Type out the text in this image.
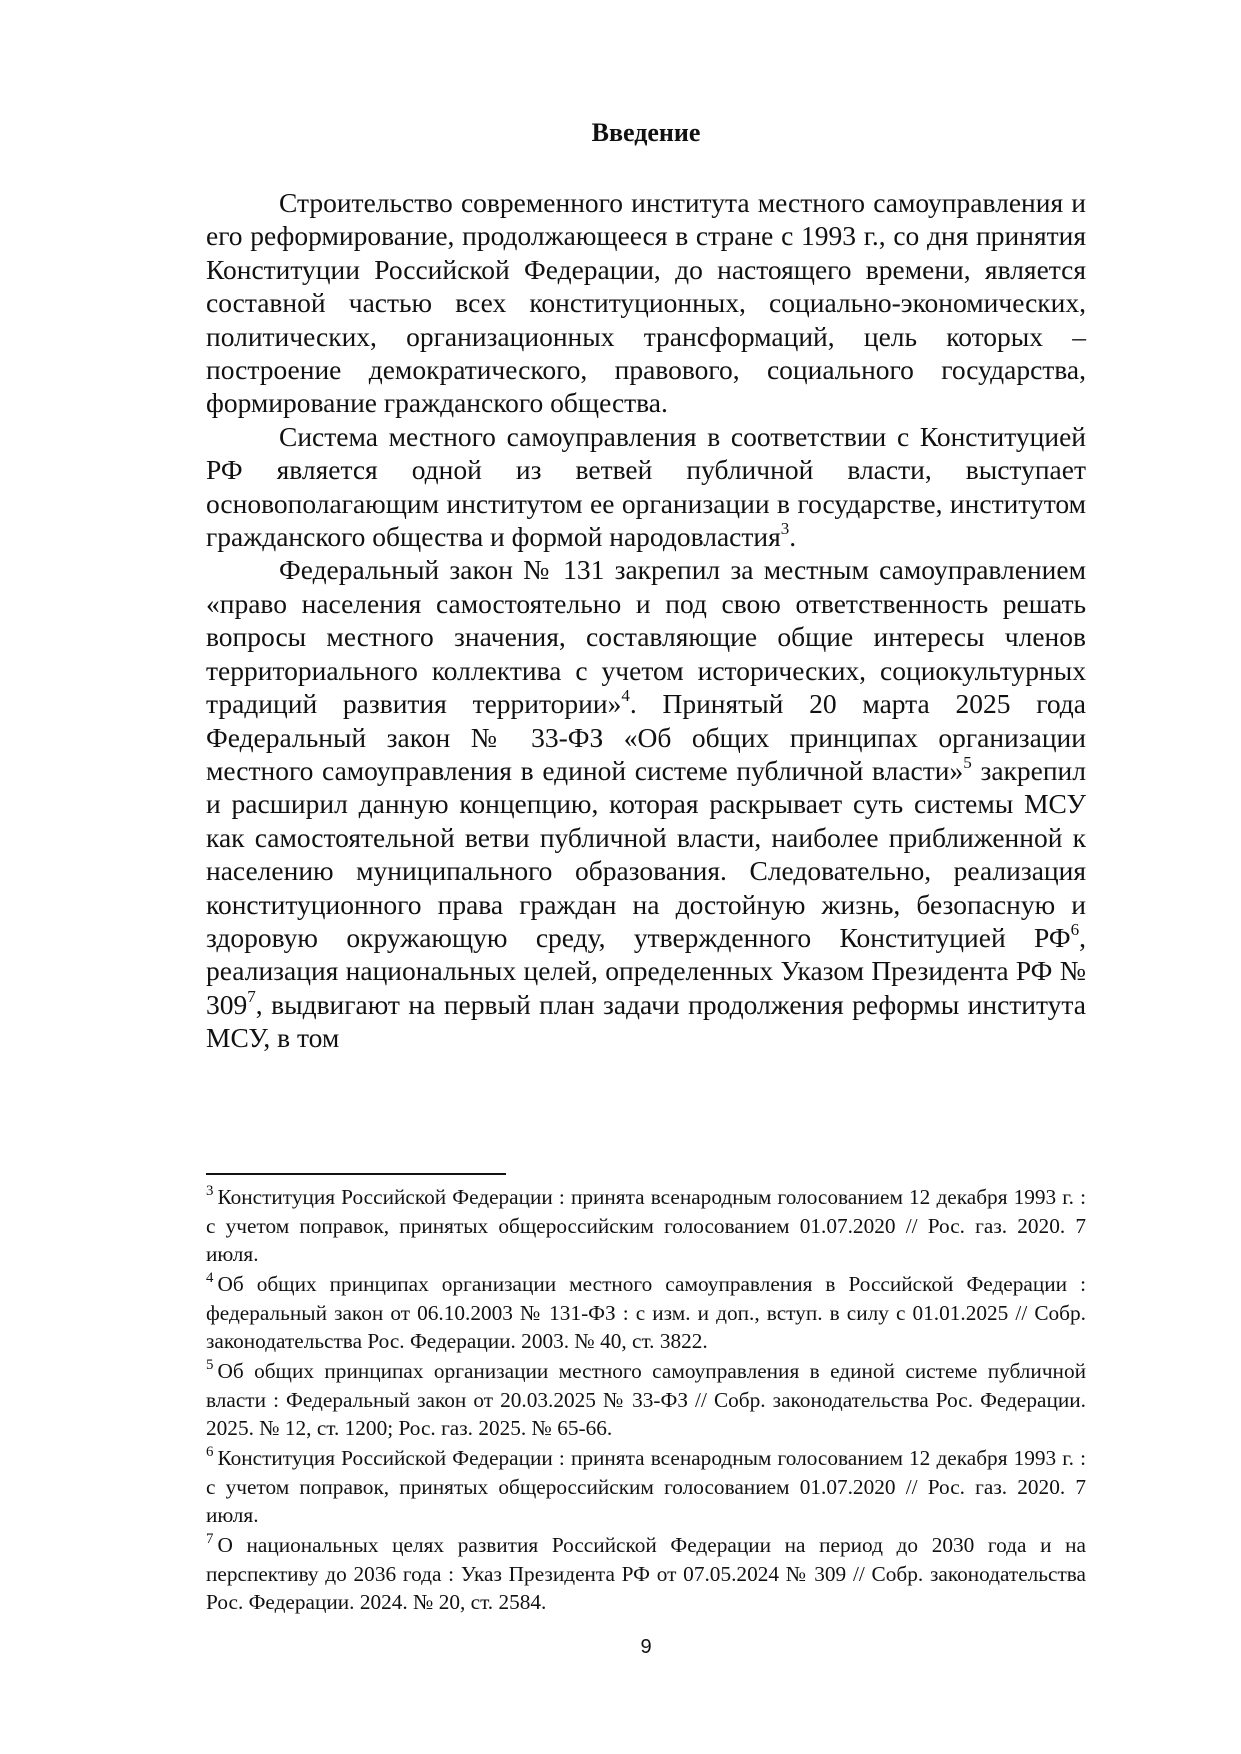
Введение

Строительство современного института местного самоуправления и его реформирование, продолжающееся в стране с 1993 г., со дня принятия Конституции Российской Федерации, до настоящего времени, является составной частью всех конституционных, социально-экономических, политических, организационных трансформаций, цель которых – построение демократического, правового, социального государства, формирование гражданского общества.

Система местного самоуправления в соответствии с Конституцией РФ является одной из ветвей публичной власти, выступает основополагающим институтом ее организации в государстве, институтом гражданского общества и формой народовластия$^3$.

Федеральный закон № 131 закрепил за местным самоуправлением «право населения самостоятельно и под свою ответственность решать вопросы местного значения, составляющие общие интересы членов территориального коллектива с учетом исторических, социокультурных традиций развития территории»$^4$. Принятый 20 марта 2025 года Федеральный закон № 33-ФЗ «Об общих принципах организации местного самоуправления в единой системе публичной власти»$^5$ закрепил и расширил данную концепцию, которая раскрывает суть системы МСУ как самостоятельной ветви публичной власти, наиболее приближенной к населению муниципального образования. Следовательно, реализация конституционного права граждан на достойную жизнь, безопасную и здоровую окружающую среду, утвержденного Конституцией $РФ^6$, реализация национальных целей, определенных Указом Президента РФ № $309^7$, выдвигают на первый план задачи продолжения реформы института МСУ, в том

$^3$ Конституция Российской Федерации : принята всенародным голосованием 12 декабря 1993 г. : с учетом поправок, принятых общероссийским голосованием 01.07.2020 // Рос. газ. 2020. 7 июля.

$^4$ Об общих принципах организации местного самоуправления в Российской Федерации : федеральный закон от 06.10.2003 № 131-ФЗ : с изм. и доп., вступ. в силу с 01.01.2025 // Собр. законодательства Рос. Федерации. 2003. № 40, ст. 3822.

$^5$ Об общих принципах организации местного самоуправления в единой системе публичной власти : Федеральный закон от 20.03.2025 № 33-ФЗ // Собр. законодательства Рос. Федерации. 2025. № 12, ст. 1200; Рос. газ. 2025. № 65-66.

$^6$ Конституция Российской Федерации : принята всенародным голосованием 12 декабря 1993 г. : с учетом поправок, принятых общероссийским голосованием 01.07.2020 // Рос. газ. 2020. 7 июля.

$^7$ О национальных целях развития Российской Федерации на период до 2030 года и на перспективу до 2036 года : Указ Президента РФ от 07.05.2024 № 309 // Собр. законодательства Рос. Федерации. 2024. № 20, ст. 2584.

9
